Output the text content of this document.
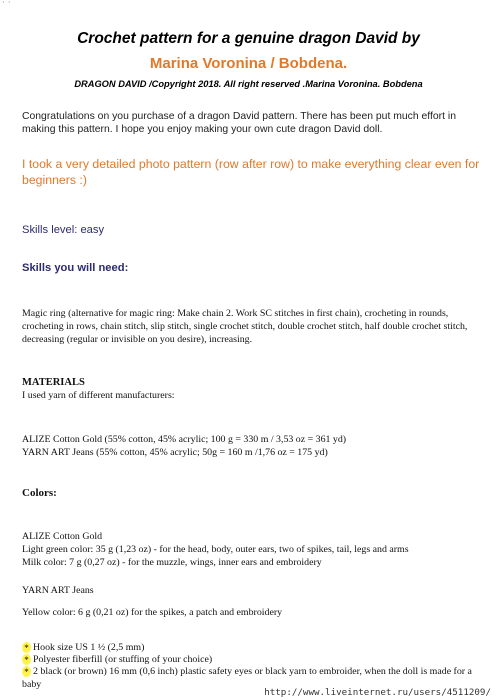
· ·
Crochet pattern for a genuine dragon David by
Marina Voronina / Bobdena.
DRAGON DAVID /Copyright 2018. All right reserved .Marina Voronina. Bobdena
Congratulations on you purchase of a dragon David pattern. There has been put much effort in making this pattern. I hope you enjoy making your own cute dragon David doll.
I took a very detailed photo pattern (row after row) to make everything clear even for beginners :)
Skills level: easy
Skills you will need:
Magic ring (alternative for magic ring: Make chain 2. Work SC stitches in first chain), crocheting in rounds, crocheting in rows, chain stitch, slip stitch, single crochet stitch, double crochet stitch, half double crochet stitch, decreasing (regular or invisible on you desire), increasing.
MATERIALS
I used yarn of different manufacturers:
ALIZE Cotton Gold (55% cotton, 45% acrylic; 100 g = 330 m / 3,53 oz = 361 yd)
YARN ART Jeans (55% cotton, 45% acrylic; 50g = 160 m /1,76 oz = 175 yd)
Colors:
ALIZE Cotton Gold
Light green color: 35 g (1,23 oz) - for the head, body, outer ears, two of spikes, tail, legs and arms
Milk color: 7 g (0,27 oz) - for the muzzle, wings, inner ears and embroidery
YARN ART Jeans
Yellow color: 6 g (0,21 oz) for the spikes, a patch and embroidery
* Hook size US 1 ½ (2,5 mm)
* Polyester fiberfill (or stuffing of your choice)
* 2 black (or brown) 16 mm (0,6 inch) plastic safety eyes or black yarn to embroider, when the doll is made for a baby
http://www.liveinternet.ru/users/4511209/
